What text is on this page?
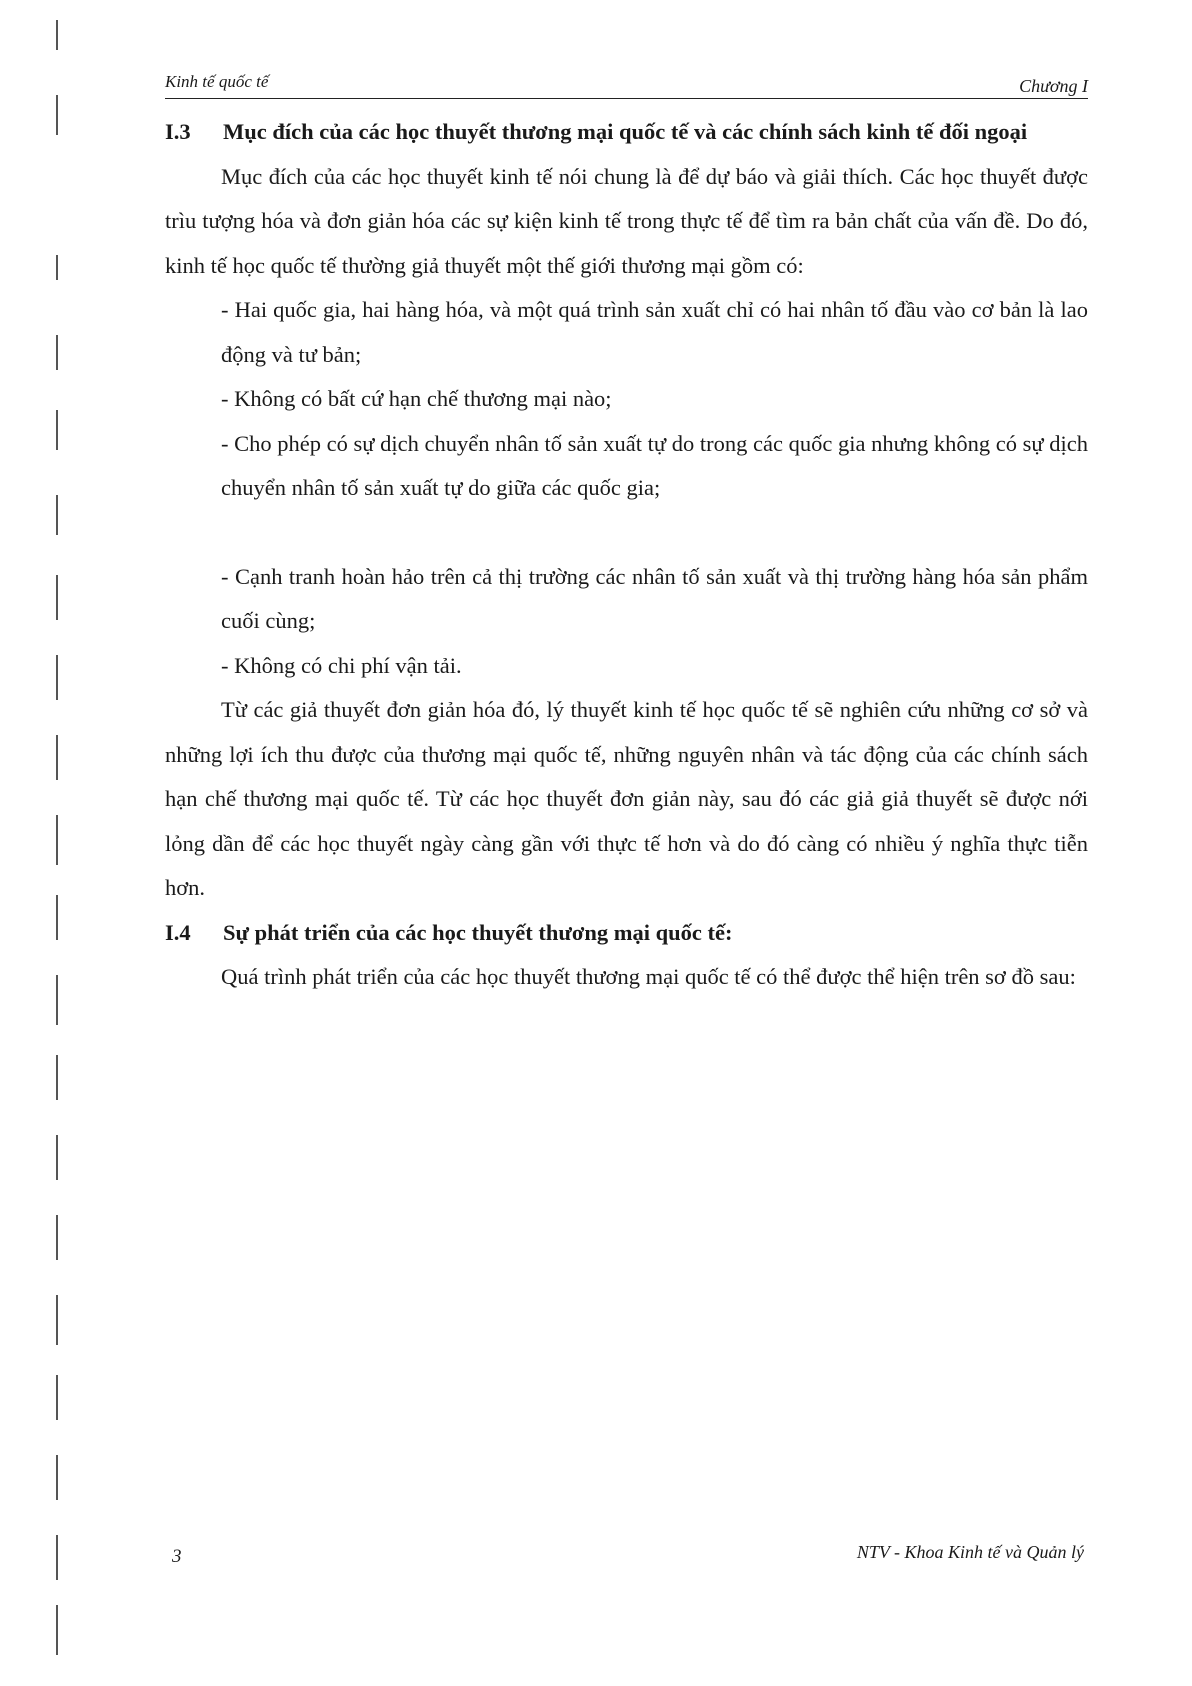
Kinh tế quốc tế	Chương I

I.3 Mục đích của các học thuyết thương mại quốc tế và các chính sách kinh tế đối ngoại

Mục đích của các học thuyết kinh tế nói chung là để dự báo và giải thích. Các học thuyết được trìu tượng hóa và đơn giản hóa các sự kiện kinh tế trong thực tế để tìm ra bản chất của vấn đề. Do đó, kinh tế học quốc tế thường giả thuyết một thế giới thương mại gồm có:

- Hai quốc gia, hai hàng hóa, và một quá trình sản xuất chỉ có hai nhân tố đầu vào cơ bản là lao động và tư bản;

- Không có bất cứ hạn chế thương mại nào;

- Cho phép có sự dịch chuyển nhân tố sản xuất tự do trong các quốc gia nhưng không có sự dịch chuyển nhân tố sản xuất tự do giữa các quốc gia;

- Cạnh tranh hoàn hảo trên cả thị trường các nhân tố sản xuất và thị trường hàng hóa sản phẩm cuối cùng;

- Không có chi phí vận tải.

Từ các giả thuyết đơn giản hóa đó, lý thuyết kinh tế học quốc tế sẽ nghiên cứu những cơ sở và những lợi ích thu được của thương mại quốc tế, những nguyên nhân và tác động của các chính sách hạn chế thương mại quốc tế. Từ các học thuyết đơn giản này, sau đó các giả giả thuyết sẽ được nới lỏng dần để các học thuyết ngày càng gần với thực tế hơn và do đó càng có nhiều ý nghĩa thực tiễn hơn.

I.4 Sự phát triển của các học thuyết thương mại quốc tế:

Quá trình phát triển của các học thuyết thương mại quốc tế có thể được thể hiện trên sơ đồ sau:

3	NTV - Khoa Kinh tế và Quản lý
